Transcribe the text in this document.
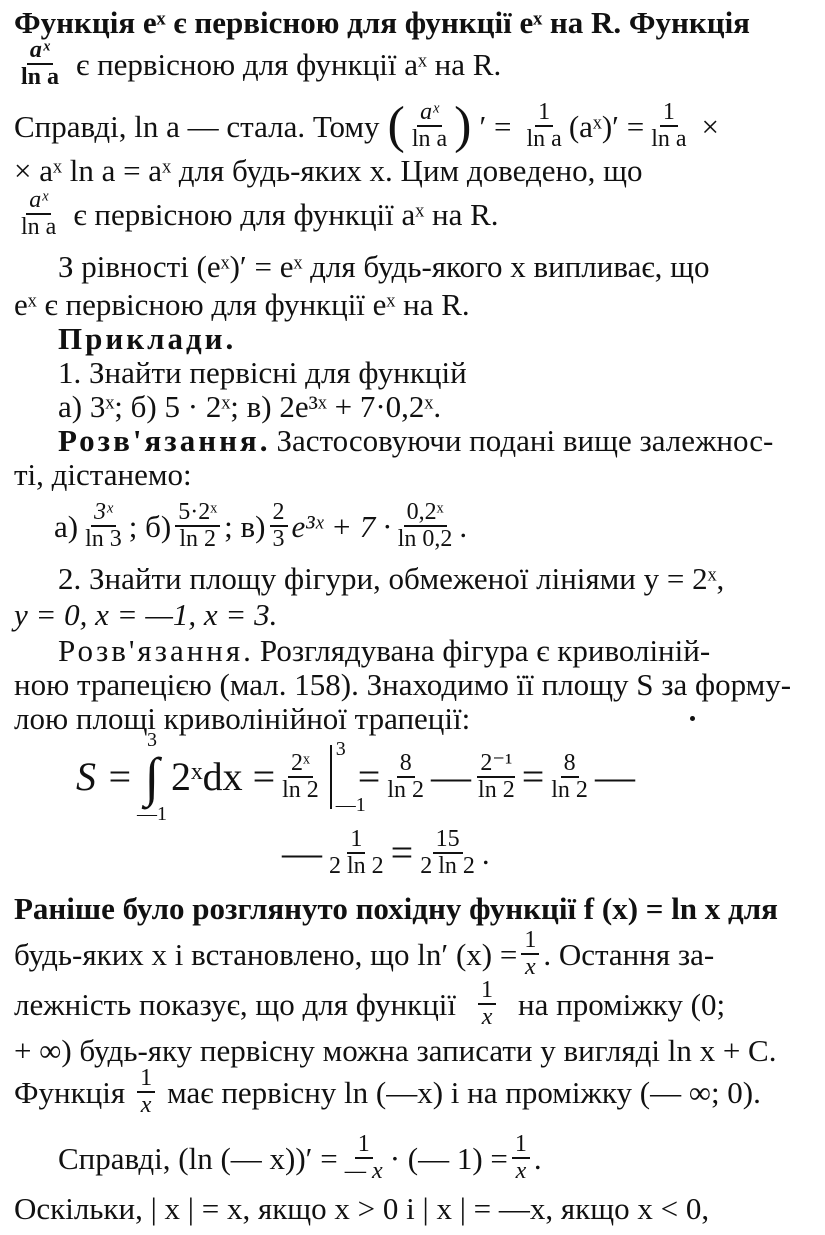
Функція eˣ є первісною для функції eˣ на R. Функція
$\frac{\text{aˣ}}{\text{ln a}}$ є первісною для функції aˣ на R.
Справді, ln a — стала. Тому ( $\frac{\text{aˣ}}{\text{ln a}}$ ) ′ = $\frac{1}{\text{ln a}}$ (aˣ)′ = $\frac{1}{\text{ln a}}$ ×
× aˣ ln a = aˣ для будь-яких x. Цим доведено, що
$\frac{\text{aˣ}}{\text{ln a}}$ є первісною для функції aˣ на R.
З рівності (eˣ)′ = eˣ для будь-якого x випливає, що
eˣ є первісною для функції eˣ на R.
Приклади.
1. Знайти первісні для функцій
а) 3ˣ; б) 5 · 2ˣ; в) 2e³ˣ + 7·0,2ˣ.
Розв'язання. Застосовуючи подані вище залежнос-
ті, дістанемо:
$а) \frac{\text{3ˣ}}{\ln 3}$ ; $б) \frac{\text{5·2ˣ}}{\ln 2}$ ; $в) \frac{2}{3}$ e³ˣ + $7 \cdot \frac{\text{0,2ˣ}}{\ln 0,2}$ .
2. Знайти площу фігури, обмеженої лініями y = 2ˣ,
y = 0, x = —1, x = 3.
Розв'язання. Розглядувана фігура є криволіній-
ною трапецією (мал. 158). Знаходимо її площу S за форму-
лою площі криволінійної трапеції:
S =
3
∫
—1
2ˣdx = $\frac{\text{2ˣ}}{\ln 2}$
3
—1
= $\frac{8}{\ln 2}$ — $\frac{\text{2⁻¹}}{\ln 2} = \frac{8}{\ln 2}$ —
— $\frac{1}{2 \ln 2} = \frac{15}{2 \ln 2}$ .
Раніше було розглянуто похідну функції f (x) = ln x для
будь-яких x і встановлено, що ln′ $(x) = \frac{1}{x}$ . Остання за-
лежність показує, що для функції $\frac{1}{x}$ на проміжку (0;
+ ∞) будь-яку первісну можна записати у вигляді ln x + C.
Функція $\frac{1}{x}$ має первісну ln (—x) і на проміжку (— ∞; 0).
Справді, (ln (— $x))' = \frac{1}{— x}$ · (— $1) = \frac{1}{x}$ .
Оскільки, | x | = x, якщо x > 0 і | x | = —x, якщо x < 0,
